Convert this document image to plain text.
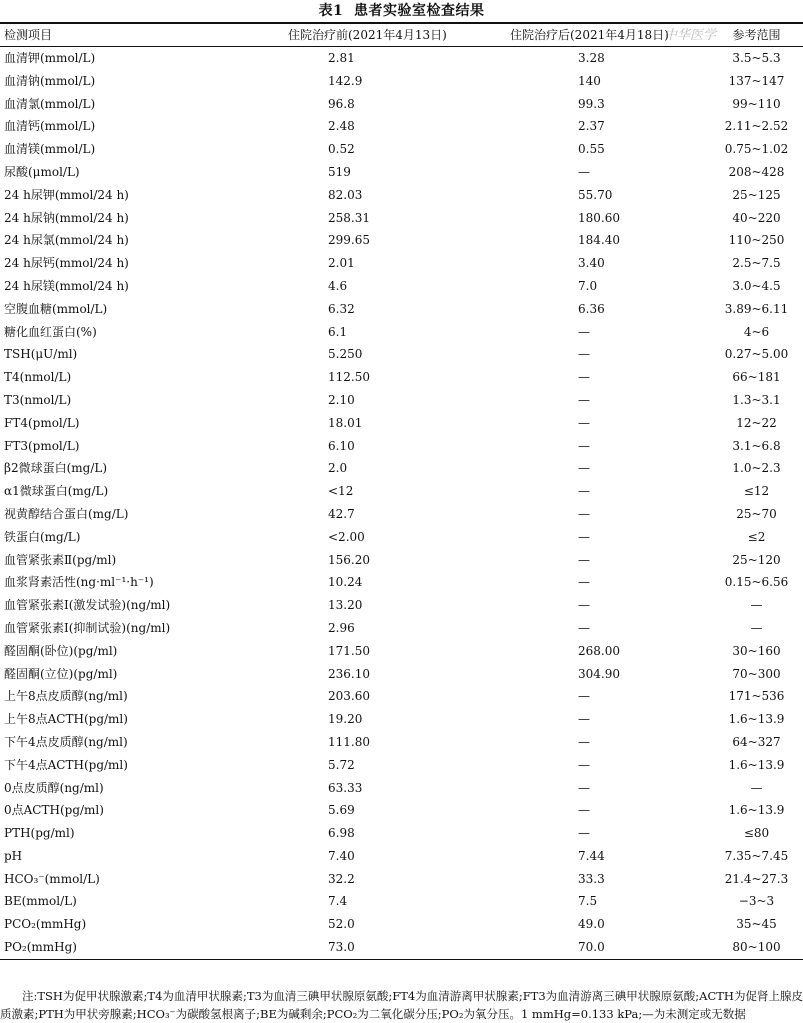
表1  患者实验室检查结果
检测项目	住院治疗前(2021年4月13日)	住院治疗后(2021年4月18日)	参考范围
血清钾(mmol/L)	2.81	3.28	3.5~5.3
血清钠(mmol/L)	142.9	140	137~147
血清氯(mmol/L)	96.8	99.3	99~110
血清钙(mmol/L)	2.48	2.37	2.11~2.52
血清镁(mmol/L)	0.52	0.55	0.75~1.02
尿酸(μmol/L)	519	—	208~428
24 h尿钾(mmol/24 h)	82.03	55.70	25~125
24 h尿钠(mmol/24 h)	258.31	180.60	40~220
24 h尿氯(mmol/24 h)	299.65	184.40	110~250
24 h尿钙(mmol/24 h)	2.01	3.40	2.5~7.5
24 h尿镁(mmol/24 h)	4.6	7.0	3.0~4.5
空腹血糖(mmol/L)	6.32	6.36	3.89~6.11
糖化血红蛋白(%)	6.1	—	4~6
TSH(μU/ml)	5.250	—	0.27~5.00
T4(nmol/L)	112.50	—	66~181
T3(nmol/L)	2.10	—	1.3~3.1
FT4(pmol/L)	18.01	—	12~22
FT3(pmol/L)	6.10	—	3.1~6.8
β2微球蛋白(mg/L)	2.0	—	1.0~2.3
α1微球蛋白(mg/L)	<12	—	≤12
视黄醇结合蛋白(mg/L)	42.7	—	25~70
铁蛋白(mg/L)	<2.00	—	≤2
血管紧张素Ⅱ(pg/ml)	156.20	—	25~120
血浆肾素活性(ng·ml⁻¹·h⁻¹)	10.24	—	0.15~6.56
血管紧张素Ⅰ(激发试验)(ng/ml)	13.20	—	—
血管紧张素Ⅰ(抑制试验)(ng/ml)	2.96	—	—
醛固酮(卧位)(pg/ml)	171.50	268.00	30~160
醛固酮(立位)(pg/ml)	236.10	304.90	70~300
上午8点皮质醇(ng/ml)	203.60	—	171~536
上午8点ACTH(pg/ml)	19.20	—	1.6~13.9
下午4点皮质醇(ng/ml)	111.80	—	64~327
下午4点ACTH(pg/ml)	5.72	—	1.6~13.9
0点皮质醇(ng/ml)	63.33	—	—
0点ACTH(pg/ml)	5.69	—	1.6~13.9
PTH(pg/ml)	6.98	—	≤80
pH	7.40	7.44	7.35~7.45
HCO₃⁻(mmol/L)	32.2	33.3	21.4~27.3
BE(mmol/L)	7.4	7.5	−3~3
PCO₂(mmHg)	52.0	49.0	35~45
PO₂(mmHg)	73.0	70.0	80~100
中华医学
注:TSH为促甲状腺激素;T4为血清甲状腺素;T3为血清三碘甲状腺原氨酸;FT4为血清游离甲状腺素;FT3为血清游离三碘甲状腺原氨酸;ACTH为促肾上腺皮质激素;PTH为甲状旁腺素;HCO₃⁻为碳酸氢根离子;BE为碱剩余;PCO₂为二氧化碳分压;PO₂为氧分压。1 mmHg=0.133 kPa;—为未测定或无数据
